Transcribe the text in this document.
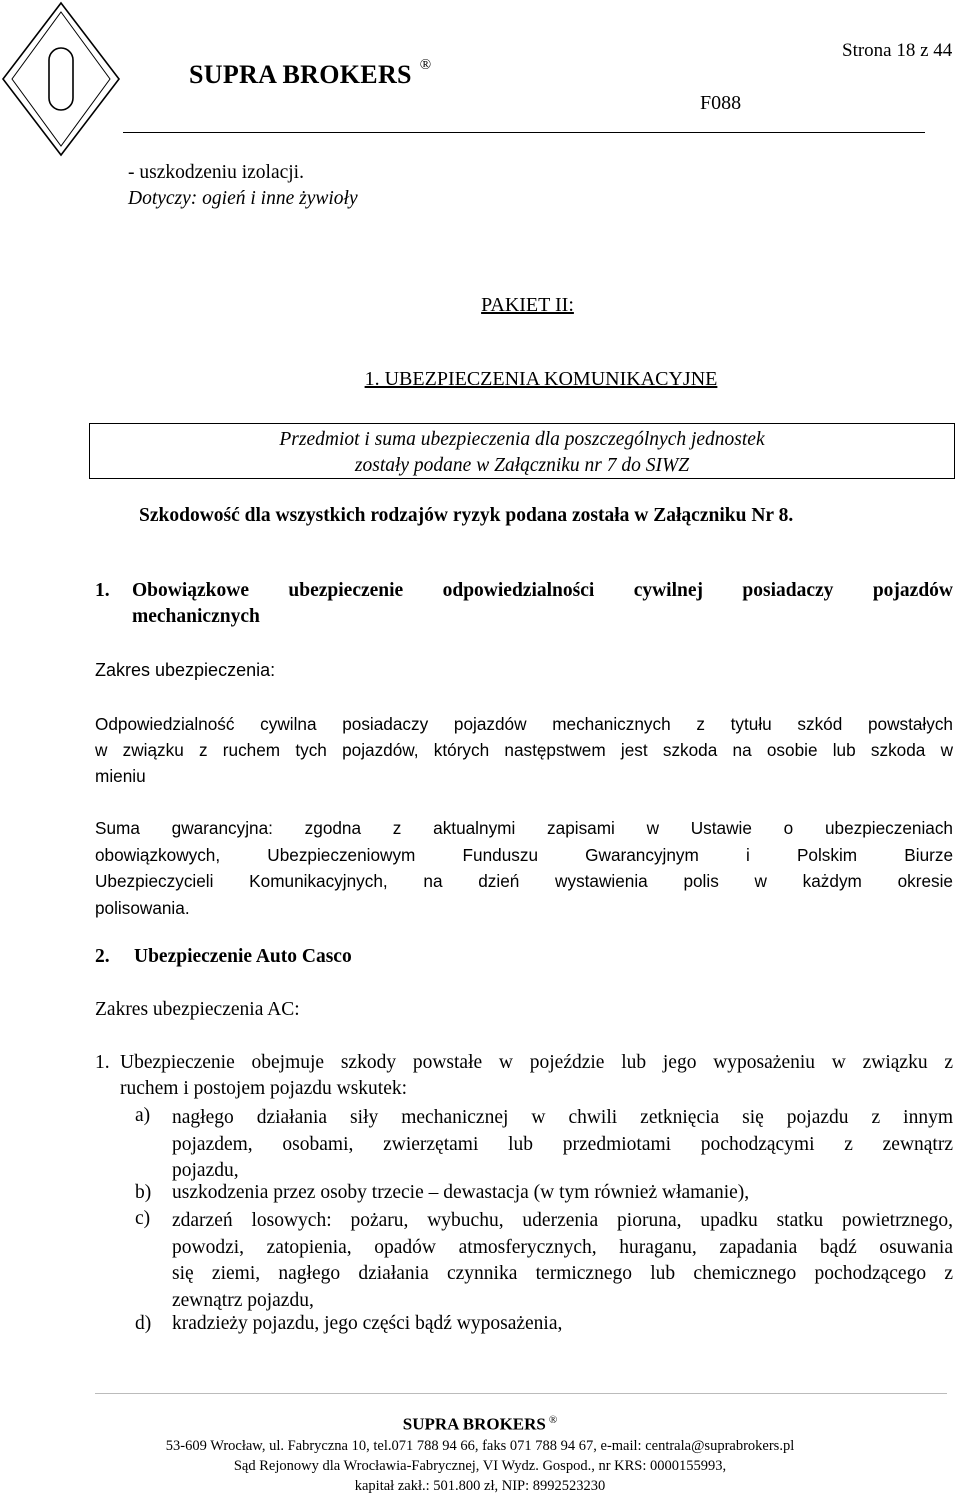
SUPRA BROKERS ®
Strona 18 z 44
F088
- uszkodzeniu izolacji.
Dotyczy: ogień i inne żywioły
PAKIET II:
1. UBEZPIECZENIA KOMUNIKACYJNE
Przedmiot i suma ubezpieczenia dla poszczególnych jednostek
zostały podane w Załączniku nr 7 do SIWZ
Szkodowość dla wszystkich rodzajów ryzyk podana została w Załączniku Nr 8.
1. Obowiązkowe ubezpieczenie odpowiedzialności cywilnej posiadaczy pojazdów
mechanicznych
Zakres ubezpieczenia:
Odpowiedzialność cywilna posiadaczy pojazdów mechanicznych z tytułu szkód powstałych
w związku z ruchem tych pojazdów, których następstwem jest szkoda na osobie lub szkoda w
mieniu
Suma gwarancyjna: zgodna z aktualnymi zapisami w Ustawie o ubezpieczeniach
obowiązkowych, Ubezpieczeniowym Funduszu Gwarancyjnym i Polskim Biurze
Ubezpieczycieli Komunikacyjnych, na dzień wystawienia polis w każdym okresie
polisowania.
2. Ubezpieczenie Auto Casco
Zakres ubezpieczenia AC:
1. Ubezpieczenie obejmuje szkody powstałe w pojeździe lub jego wyposażeniu w związku z
ruchem i postojem pojazdu wskutek:
a) nagłego działania siły mechanicznej w chwili zetknięcia się pojazdu z innym
pojazdem, osobami, zwierzętami lub przedmiotami pochodzącymi z zewnątrz
pojazdu,
b) uszkodzenia przez osoby trzecie – dewastacja (w tym również włamanie),
c) zdarzeń losowych: pożaru, wybuchu, uderzenia pioruna, upadku statku powietrznego,
powodzi, zatopienia, opadów atmosferycznych, huraganu, zapadania bądź osuwania
się ziemi, nagłego działania czynnika termicznego lub chemicznego pochodzącego z
zewnątrz pojazdu,
d) kradzieży pojazdu, jego części bądź wyposażenia,
SUPRA BROKERS ®
53-609 Wrocław, ul. Fabryczna 10, tel.071 788 94 66, faks 071 788 94 67, e-mail: centrala@suprabrokers.pl
Sąd Rejonowy dla Wrocławia-Fabrycznej, VI Wydz. Gospod., nr KRS: 0000155993,
kapitał zakł.: 501.800 zł, NIP: 8992523230
